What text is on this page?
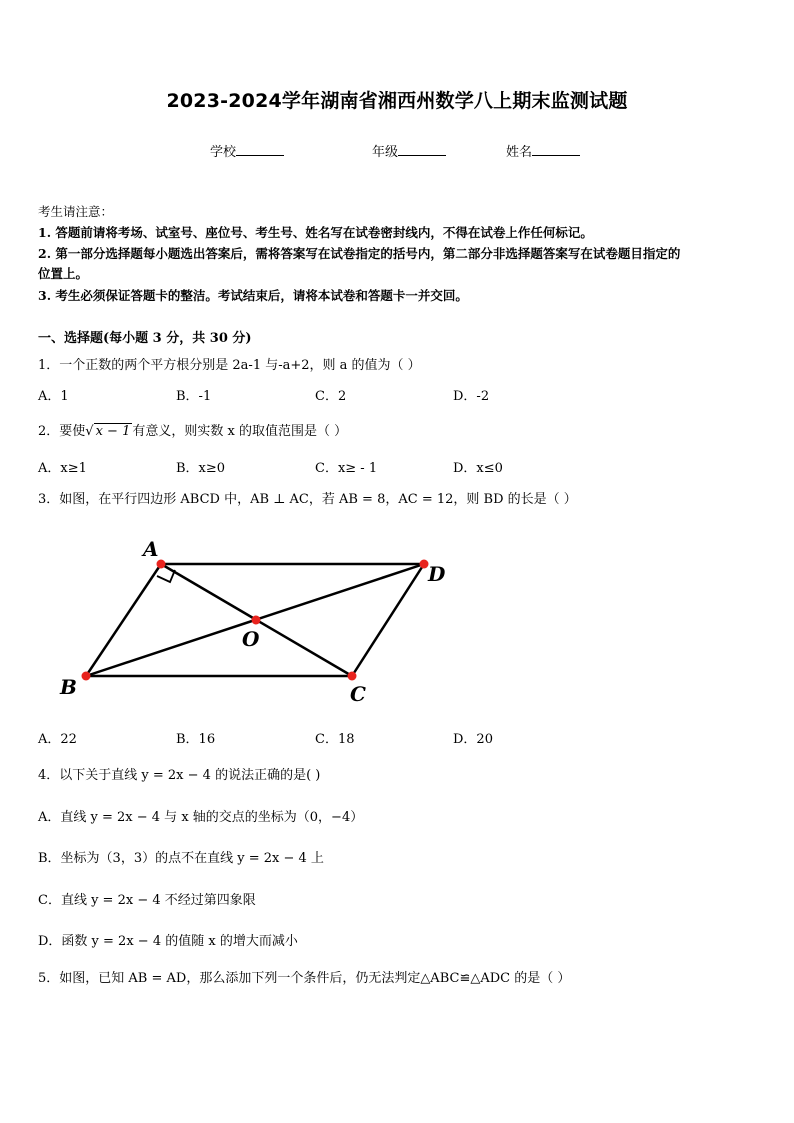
2023-2024学年湖南省湘西州数学八上期末监测试题
学校	年级	姓名
考生请注意：
1. 答题前请将考场、试室号、座位号、考生号、姓名写在试卷密封线内，不得在试卷上作任何标记。
2. 第一部分选择题每小题选出答案后，需将答案写在试卷指定的括号内，第二部分非选择题答案写在试卷题目指定的
位置上。
3. 考生必须保证答题卡的整洁。考试结束后，请将本试卷和答题卡一并交回。
一、选择题(每小题 3 分，共 30 分)
1．一个正数的两个平方根分别是 2a-1 与-a+2，则 a 的值为（ ）
A．1	B．-1	C．2	D．-2
2．要使√ x − 1 有意义，则实数 x 的取值范围是（ ）
A．x≥1	B．x≥0	C．x≥ - 1	D．x≤0
3．如图，在平行四边形 ABCD 中，AB ⊥ AC，若 AB = 8，AC = 12，则 BD 的长是（ ）
A
D
C
B
O
A．22	B．16	C．18	D．20
4．以下关于直线 y = 2x − 4 的说法正确的是( )
A．直线 y = 2x − 4 与 x 轴的交点的坐标为（0，−4）
B．坐标为（3，3）的点不在直线 y = 2x − 4 上
C．直线 y = 2x − 4 不经过第四象限
D．函数 y = 2x − 4 的值随 x 的增大而减小
5．如图，已知 AB = AD，那么添加下列一个条件后，仍无法判定△ABC≌△ADC 的是（ ）
